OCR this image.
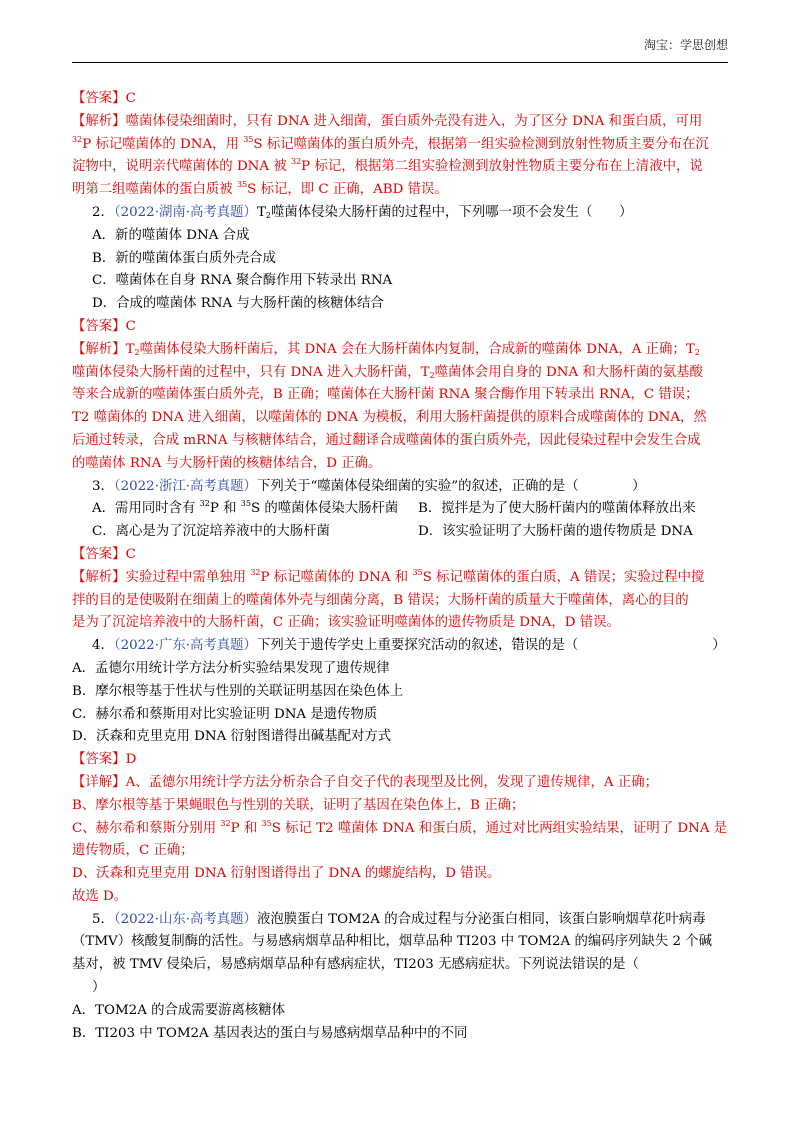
淘宝：学思创想
【答案】C
【解析】噬菌体侵染细菌时，只有 DNA 进入细菌，蛋白质外壳没有进入，为了区分 DNA 和蛋白质，可用
$^{32}$P 标记噬菌体的 DNA，用 $^{35}$S 标记噬菌体的蛋白质外壳，根据第一组实验检测到放射性物质主要分布在沉
淀物中，说明亲代噬菌体的 DNA 被 $^{32}$P 标记，根据第二组实验检测到放射性物质主要分布在上清液中，说
明第二组噬菌体的蛋白质被 $^{35}$S 标记，即 C 正确，ABD 错误。
2．（2022·湖南·高考真题）$T_2$噬菌体侵染大肠杆菌的过程中，下列哪一项不会发生（　　）
A．新的噬菌体 DNA 合成
B．新的噬菌体蛋白质外壳合成
C．噬菌体在自身 RNA 聚合酶作用下转录出 RNA
D．合成的噬菌体 RNA 与大肠杆菌的核糖体结合
【答案】C
【解析】$T_2$噬菌体侵染大肠杆菌后，其 DNA 会在大肠杆菌体内复制，合成新的噬菌体 DNA，A 正确；$T_2$
噬菌体侵染大肠杆菌的过程中，只有 DNA 进入大肠杆菌，$T_2$噬菌体会用自身的 DNA 和大肠杆菌的氨基酸
等来合成新的噬菌体蛋白质外壳，B 正确；噬菌体在大肠杆菌 RNA 聚合酶作用下转录出 RNA，C 错误；
T2 噬菌体的 DNA 进入细菌，以噬菌体的 DNA 为模板，利用大肠杆菌提供的原料合成噬菌体的 DNA，然
后通过转录，合成 mRNA 与核糖体结合，通过翻译合成噬菌体的蛋白质外壳，因此侵染过程中会发生合成
的噬菌体 RNA 与大肠杆菌的核糖体结合，D 正确。
3．（2022·浙江·高考真题）下列关于“噬菌体侵染细菌的实验”的叙述，正确的是（　　　　）
A．需用同时含有 $^{32}$P 和 $^{35}$S 的噬菌体侵染大肠杆菌	B．搅拌是为了使大肠杆菌内的噬菌体释放出来
C．离心是为了沉淀培养液中的大肠杆菌	D．该实验证明了大肠杆菌的遗传物质是 DNA
【答案】C
【解析】实验过程中需单独用 $^{32}$P 标记噬菌体的 DNA 和 $^{35}$S 标记噬菌体的蛋白质，A 错误；实验过程中搅
拌的目的是使吸附在细菌上的噬菌体外壳与细菌分离，B 错误；大肠杆菌的质量大于噬菌体，离心的目的
是为了沉淀培养液中的大肠杆菌，C 正确；该实验证明噬菌体的遗传物质是 DNA，D 错误。
4．（2022·广东·高考真题）下列关于遗传学史上重要探究活动的叙述，错误的是（　　　　　　　　　　）
A．孟德尔用统计学方法分析实验结果发现了遗传规律
B．摩尔根等基于性状与性别的关联证明基因在染色体上
C．赫尔希和蔡斯用对比实验证明 DNA 是遗传物质
D．沃森和克里克用 DNA 衍射图谱得出碱基配对方式
【答案】D
【详解】A、孟德尔用统计学方法分析杂合子自交子代的表现型及比例，发现了遗传规律，A 正确；
B、摩尔根等基于果蝇眼色与性别的关联，证明了基因在染色体上，B 正确；
C、赫尔希和蔡斯分别用 $^{32}$P 和 $^{35}$S 标记 T2 噬菌体 DNA 和蛋白质，通过对比两组实验结果，证明了 DNA 是
遗传物质，C 正确；
D、沃森和克里克用 DNA 衍射图谱得出了 DNA 的螺旋结构，D 错误。
故选 D。
5．（2022·山东·高考真题）液泡膜蛋白 TOM2A 的合成过程与分泌蛋白相同，该蛋白影响烟草花叶病毒
（TMV）核酸复制酶的活性。与易感病烟草品种相比，烟草品种 TI203 中 TOM2A 的编码序列缺失 2 个碱
基对，被 TMV 侵染后，易感病烟草品种有感病症状，TI203 无感病症状。下列说法错误的是（
）
A．TOM2A 的合成需要游离核糖体
B．TI203 中 TOM2A 基因表达的蛋白与易感病烟草品种中的不同
